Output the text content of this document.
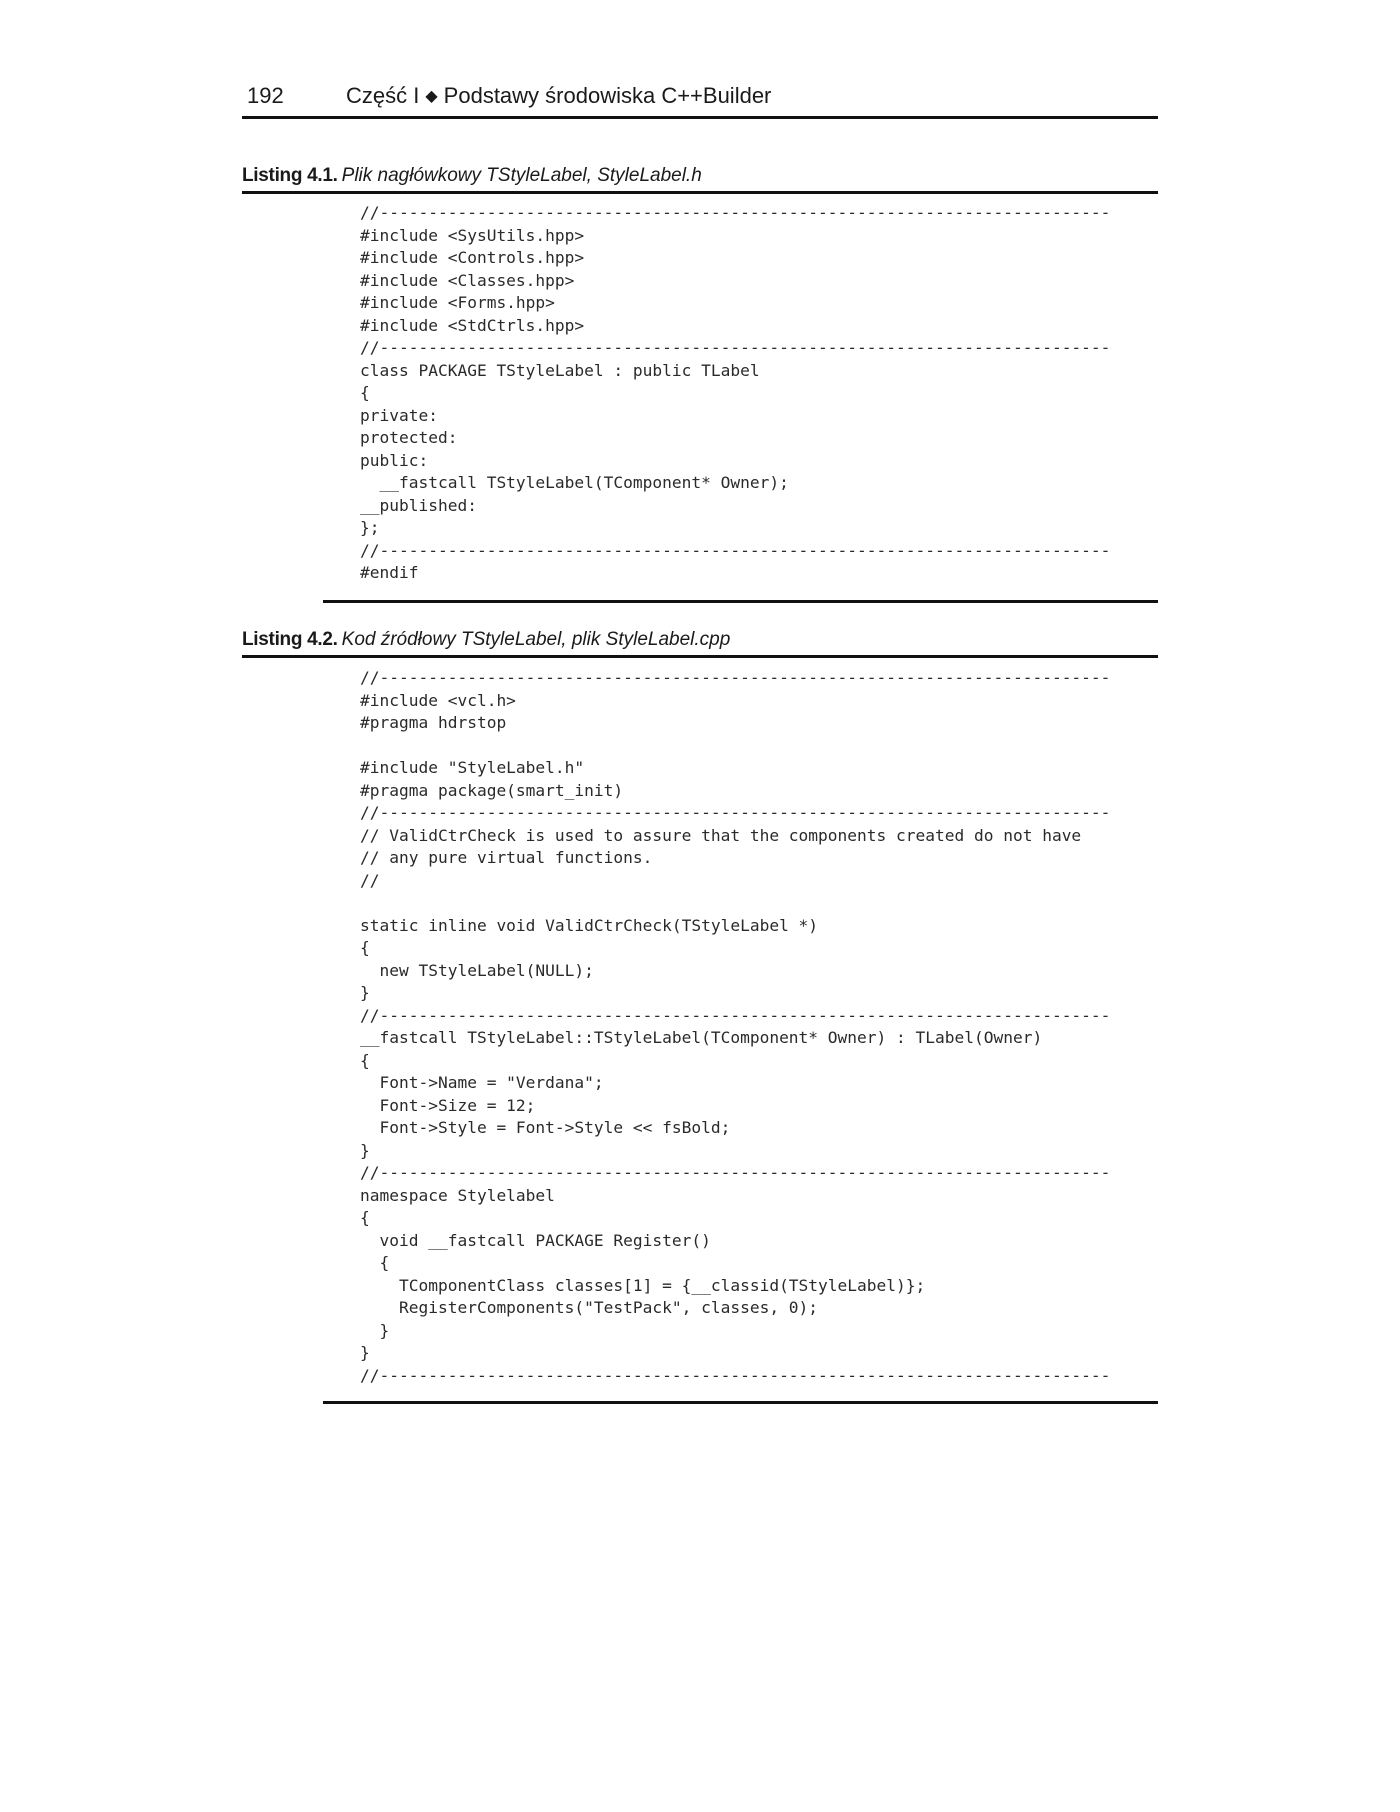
192	Część I ◆ Podstawy środowiska C++Builder
Listing 4.1. Plik nagłówkowy TStyleLabel, StyleLabel.h
//---------------------------------------------------------------------------
#include <SysUtils.hpp>
#include <Controls.hpp>
#include <Classes.hpp>
#include <Forms.hpp>
#include <StdCtrls.hpp>
//---------------------------------------------------------------------------
class PACKAGE TStyleLabel : public TLabel
{
private:
protected:
public:
__fastcall TStyleLabel(TComponent* Owner);
__published:
};
//---------------------------------------------------------------------------
#endif
Listing 4.2. Kod źródłowy TStyleLabel, plik StyleLabel.cpp
//---------------------------------------------------------------------------
#include <vcl.h>
#pragma hdrstop
#include "StyleLabel.h"
#pragma package(smart_init)
//---------------------------------------------------------------------------
// ValidCtrCheck is used to assure that the components created do not have
// any pure virtual functions.
//
static inline void ValidCtrCheck(TStyleLabel *)
{
new TStyleLabel(NULL);
}
//---------------------------------------------------------------------------
__fastcall TStyleLabel::TStyleLabel(TComponent* Owner) : TLabel(Owner)
{
Font->Name = "Verdana";
Font->Size = 12;
Font->Style = Font->Style << fsBold;
}
//---------------------------------------------------------------------------
namespace Stylelabel
{
void __fastcall PACKAGE Register()
{
TComponentClass classes[1] = {__classid(TStyleLabel)};
RegisterComponents("TestPack", classes, 0);
}
}
//---------------------------------------------------------------------------
